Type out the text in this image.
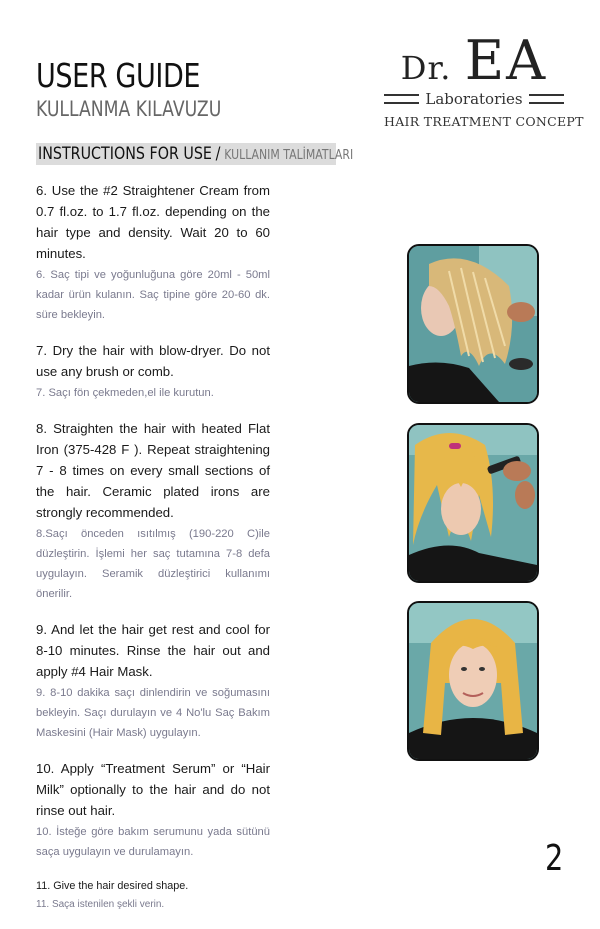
USER GUIDE
KULLANMA KILAVUZU
Dr. EA
Laboratories
HAIR TREATMENT CONCEPT
INSTRUCTIONS FOR USE / KULLANIM TALİMATLARI
6. Use the #2 Straightener Cream from 0.7 fl.oz. to 1.7 fl.oz. depending on the hair type and density. Wait 20 to 60 minutes.
6. Saç tipi ve yoğunluğuna göre 20ml - 50ml kadar ürün kulanın. Saç tipine göre 20-60 dk. süre bekleyin.
7. Dry the hair with blow-dryer. Do not use any brush or comb.
7. Saçı fön çekmeden,el ile kurutun.
8. Straighten the hair with heated Flat Iron (375-428 F ). Repeat straightening 7 - 8 times on every small sections of the hair. Ceramic plated irons are strongly recommended.
8.Saçı önceden ısıtılmış (190-220 C)ile düzleştirin. İşlemi her saç tutamına 7-8 defa uygulayın. Seramik düzleştirici kullanımı önerilir.
9. And let the hair get rest and cool for 8-10 minutes. Rinse the hair out and apply #4 Hair Mask.
9. 8-10 dakika saçı dinlendirin ve soğumasını bekleyin. Saçı durulayın ve 4 No'lu Saç Bakım Maskesini (Hair Mask) uygulayın.
10. Apply “Treatment Serum” or “Hair Milk” optionally to the hair and do not rinse out hair.
10. İsteğe göre bakım serumunu yada sütünü saça uygulayın ve durulamayın.
11. Give the hair desired shape.
11. Saça istenilen şekli verin.
2
